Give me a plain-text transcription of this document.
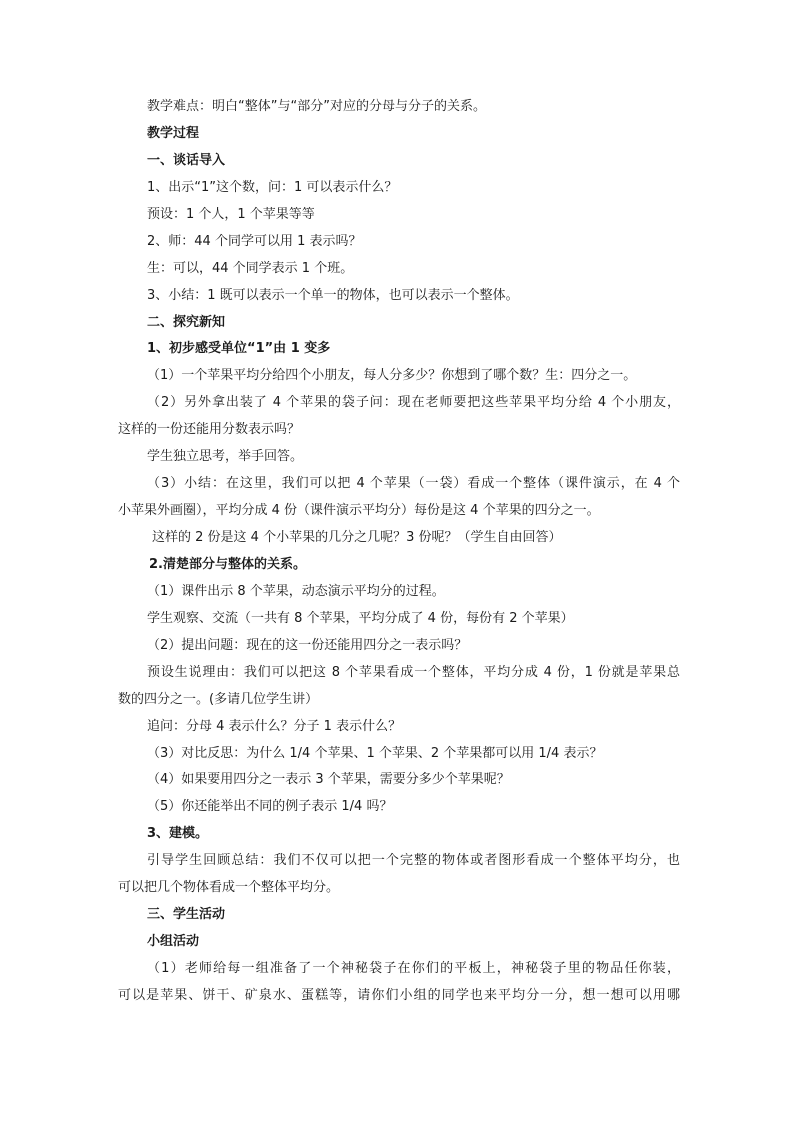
教学难点：明白“整体”与“部分”对应的分母与分子的关系。
教学过程
一、谈话导入
1、出示“1”这个数，问：1 可以表示什么？
预设：1 个人，1 个苹果等等
2、师：44 个同学可以用 1 表示吗？
生：可以，44 个同学表示 1 个班。
3、小结：1 既可以表示一个单一的物体，也可以表示一个整体。
二、探究新知
1、初步感受单位“1”由 1 变多
（1）一个苹果平均分给四个小朋友，每人分多少？你想到了哪个数？生：四分之一。
（2）另外拿出装了 4 个苹果的袋子问：现在老师要把这些苹果平均分给 4 个小朋友，
这样的一份还能用分数表示吗？
学生独立思考，举手回答。
（3）小结：在这里，我们可以把 4 个苹果（一袋）看成一个整体（课件演示，在 4 个
小苹果外画圈），平均分成 4 份（课件演示平均分）每份是这 4 个苹果的四分之一。
这样的 2 份是这 4 个小苹果的几分之几呢？3 份呢？（学生自由回答）
2.清楚部分与整体的关系。
（1）课件出示 8 个苹果，动态演示平均分的过程。
学生观察、交流（一共有 8 个苹果，平均分成了 4 份，每份有 2 个苹果）
（2）提出问题：现在的这一份还能用四分之一表示吗？
预设生说理由：我们可以把这 8 个苹果看成一个整体，平均分成 4 份，1 份就是苹果总
数的四分之一。(多请几位学生讲）
追问：分母 4 表示什么？分子 1 表示什么？
（3）对比反思：为什么 1/4 个苹果、1 个苹果、2 个苹果都可以用 1/4 表示？
（4）如果要用四分之一表示 3 个苹果，需要分多少个苹果呢？
（5）你还能举出不同的例子表示 1/4 吗？
3、建模。
引导学生回顾总结：我们不仅可以把一个完整的物体或者图形看成一个整体平均分，也
可以把几个物体看成一个整体平均分。
三、学生活动
小组活动
（1）老师给每一组准备了一个神秘袋子在你们的平板上，神秘袋子里的物品任你装，
可以是苹果、饼干、矿泉水、蛋糕等，请你们小组的同学也来平均分一分，想一想可以用哪
